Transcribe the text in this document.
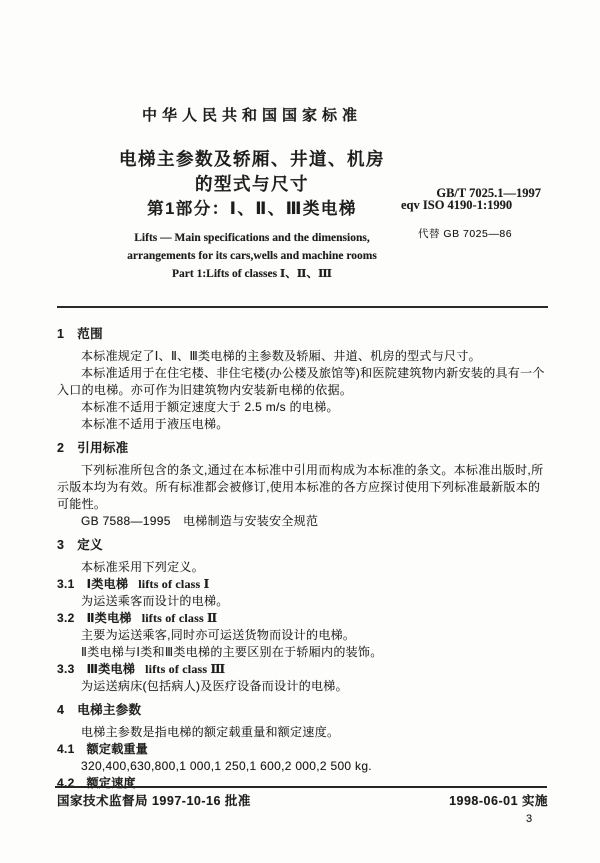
中华人民共和国国家标准
GB/T 7025.1—1997
eqv ISO 4190-1:1990
电梯主参数及轿厢、井道、机房
的型式与尺寸
第1部分：Ⅰ、Ⅱ、Ⅲ类电梯
代替 GB 7025—86
Lifts — Main specifications and the dimensions,
arrangements for its cars,wells and machine rooms
Part 1:Lifts of classes Ⅰ、Ⅱ、Ⅲ
1 范围

本标准规定了Ⅰ、Ⅱ、Ⅲ类电梯的主参数及轿厢、井道、机房的型式与尺寸。

本标准适用于在住宅楼、非住宅楼(办公楼及旅馆等)和医院建筑物内新安装的具有一个入口的电梯。亦可作为旧建筑物内安装新电梯的依据。

本标准不适用于额定速度大于 2.5 m/s 的电梯。

本标准不适用于液压电梯。

2 引用标准

下列标准所包含的条文,通过在本标准中引用而构成为本标准的条文。本标准出版时,所示版本均为有效。所有标准都会被修订,使用本标准的各方应探讨使用下列标准最新版本的可能性。

GB 7588—1995　电梯制造与安装安全规范

3 定义

本标准采用下列定义。

3.1 Ⅰ类电梯 lifts of class Ⅰ
为运送乘客而设计的电梯。
3.2 Ⅱ类电梯 lifts of class Ⅱ
主要为运送乘客,同时亦可运送货物而设计的电梯。
Ⅱ类电梯与Ⅰ类和Ⅲ类电梯的主要区别在于轿厢内的装饰。
3.3 Ⅲ类电梯 lifts of class Ⅲ
为运送病床(包括病人)及医疗设备而设计的电梯。
4 电梯主参数

电梯主参数是指电梯的额定载重量和额定速度。

4.1 额定载重量
320,400,630,800,1 000,1 250,1 600,2 000,2 500 kg.
4.2 额定速度
国家技术监督局 1997-10-16 批准	1998-06-01 实施
3
